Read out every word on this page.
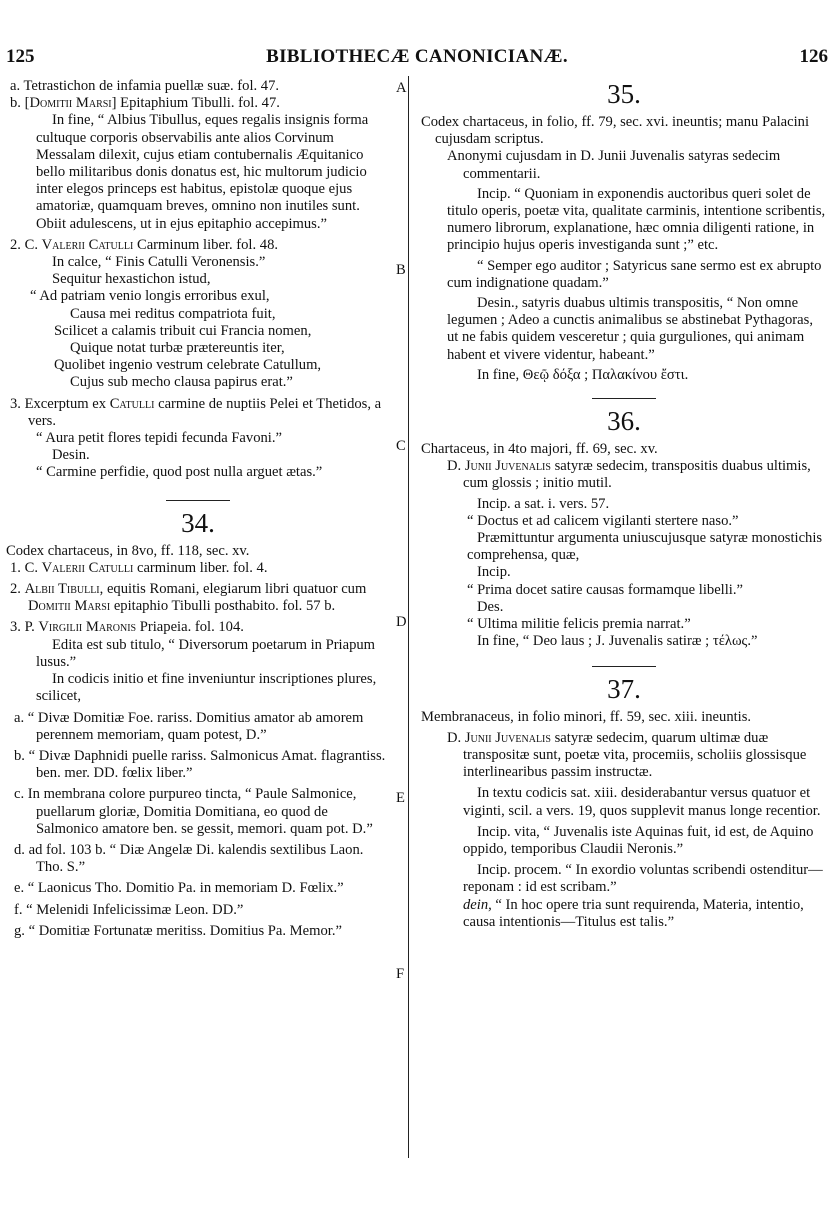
125	BIBLIOTHECÆ CANONICIANÆ.	126
A
B
C
D
E
F

a. Tetrastichon de infamia puellæ suæ. fol. 47.

b. [Domitii Marsi] Epitaphium Tibulli. fol. 47.

In fine, “ Albius Tibullus, eques regalis insignis forma cultuque corporis observabilis ante alios Corvinum Messalam dilexit, cujus etiam contubernalis Æquitanico bello militaribus donis donatus est, hic multorum judicio inter elegos princeps est habitus, epistolæ quoque ejus amatoriæ, quamquam breves, omnino non inutiles sunt. Obiit adulescens, ut in ejus epitaphio accepimus.”

2. C. Valerii Catulli Carminum liber. fol. 48.

In calce, “ Finis Catulli Veronensis.”

Sequitur hexastichon istud,

“ Ad patriam venio longis erroribus exul,

Causa mei reditus compatriota fuit,

Scilicet a calamis tribuit cui Francia nomen,

Quique notat turbæ prætereuntis iter,

Quolibet ingenio vestrum celebrate Catullum,

Cujus sub mecho clausa papirus erat.”

3. Excerptum ex Catulli carmine de nuptiis Pelei et Thetidos, a vers.

“ Aura petit flores tepidi fecunda Favoni.”

Desin.

“ Carmine perfidie, quod post nulla arguet ætas.”

34.

Codex chartaceus, in 8vo, ff. 118, sec. xv.

1. C. Valerii Catulli carminum liber. fol. 4.

2. Albii Tibulli, equitis Romani, elegiarum libri quatuor cum Domitii Marsi epitaphio Tibulli posthabito. fol. 57 b.

3. P. Virgilii Maronis Priapeia. fol. 104.

Edita est sub titulo, “ Diversorum poetarum in Priapum lusus.”

In codicis initio et fine inveniuntur inscriptiones plures, scilicet,

a. “ Divæ Domitiæ Foe. rariss. Domitius amator ab amorem perennem memoriam, quam potest, D.”

b. “ Divæ Daphnidi puelle rariss. Salmonicus Amat. flagrantiss. ben. mer. DD. fœlix liber.”

c. In membrana colore purpureo tincta, “ Paule Salmonice, puellarum gloriæ, Domitia Domitiana, eo quod de Salmonico amatore ben. se gessit, memori. quam pot. D.”

d. ad fol. 103 b. “ Diæ Angelæ Di. kalendis sextilibus Laon. Tho. S.”

e. “ Laonicus Tho. Domitio Pa. in memoriam D. Fœlix.”

f. “ Melenidi Infelicissimæ Leon. DD.”

g. “ Domitiæ Fortunatæ meritiss. Domitius Pa. Memor.”

35.

Codex chartaceus, in folio, ff. 79, sec. xvi. ineuntis; manu Palacini cujusdam scriptus.

Anonymi cujusdam in D. Junii Juvenalis satyras sedecim commentarii.

Incip. “ Quoniam in exponendis auctoribus queri solet de titulo operis, poetæ vita, qualitate carminis, intentione scribentis, numero librorum, explanatione, hæc omnia diligenti ratione, in principio hujus operis investiganda sunt ;” etc.

“ Semper ego auditor ; Satyricus sane sermo est ex abrupto cum indignatione quadam.”

Desin., satyris duabus ultimis transpositis, “ Non omne legumen ; Adeo a cunctis animalibus se abstinebat Pythagoras, ut ne fabis quidem vesceretur ; quia gurguliones, qui animam habent et vivere videntur, habeant.”

In fine, Θεῷ δόξα ; Παλακίνου ἔστι.

36.

Chartaceus, in 4to majori, ff. 69, sec. xv.

D. Junii Juvenalis satyræ sedecim, transpositis duabus ultimis, cum glossis ; initio mutil.

Incip. a sat. i. vers. 57.

“ Doctus et ad calicem vigilanti stertere naso.”

Præmittuntur argumenta uniuscujusque satyræ monostichis comprehensa, quæ,

Incip.

“ Prima docet satire causas formamque libelli.”

Des.

“ Ultima militie felicis premia narrat.”

In fine, “ Deo laus ; J. Juvenalis satiræ ; τέλως.”

37.

Membranaceus, in folio minori, ff. 59, sec. xiii. ineuntis.

D. Junii Juvenalis satyræ sedecim, quarum ultimæ duæ transpositæ sunt, poetæ vita, procemiis, scholiis glossisque interlinearibus passim instructæ.

In textu codicis sat. xiii. desiderabantur versus quatuor et viginti, scil. a vers. 19, quos supplevit manus longe recentior.

Incip. vita, “ Juvenalis iste Aquinas fuit, id est, de Aquino oppido, temporibus Claudii Neronis.”

Incip. procem. “ In exordio voluntas scribendi ostenditur—reponam : id est scribam.”

dein, “ In hoc opere tria sunt requirenda, Materia, intentio, causa intentionis—Titulus est talis.”
